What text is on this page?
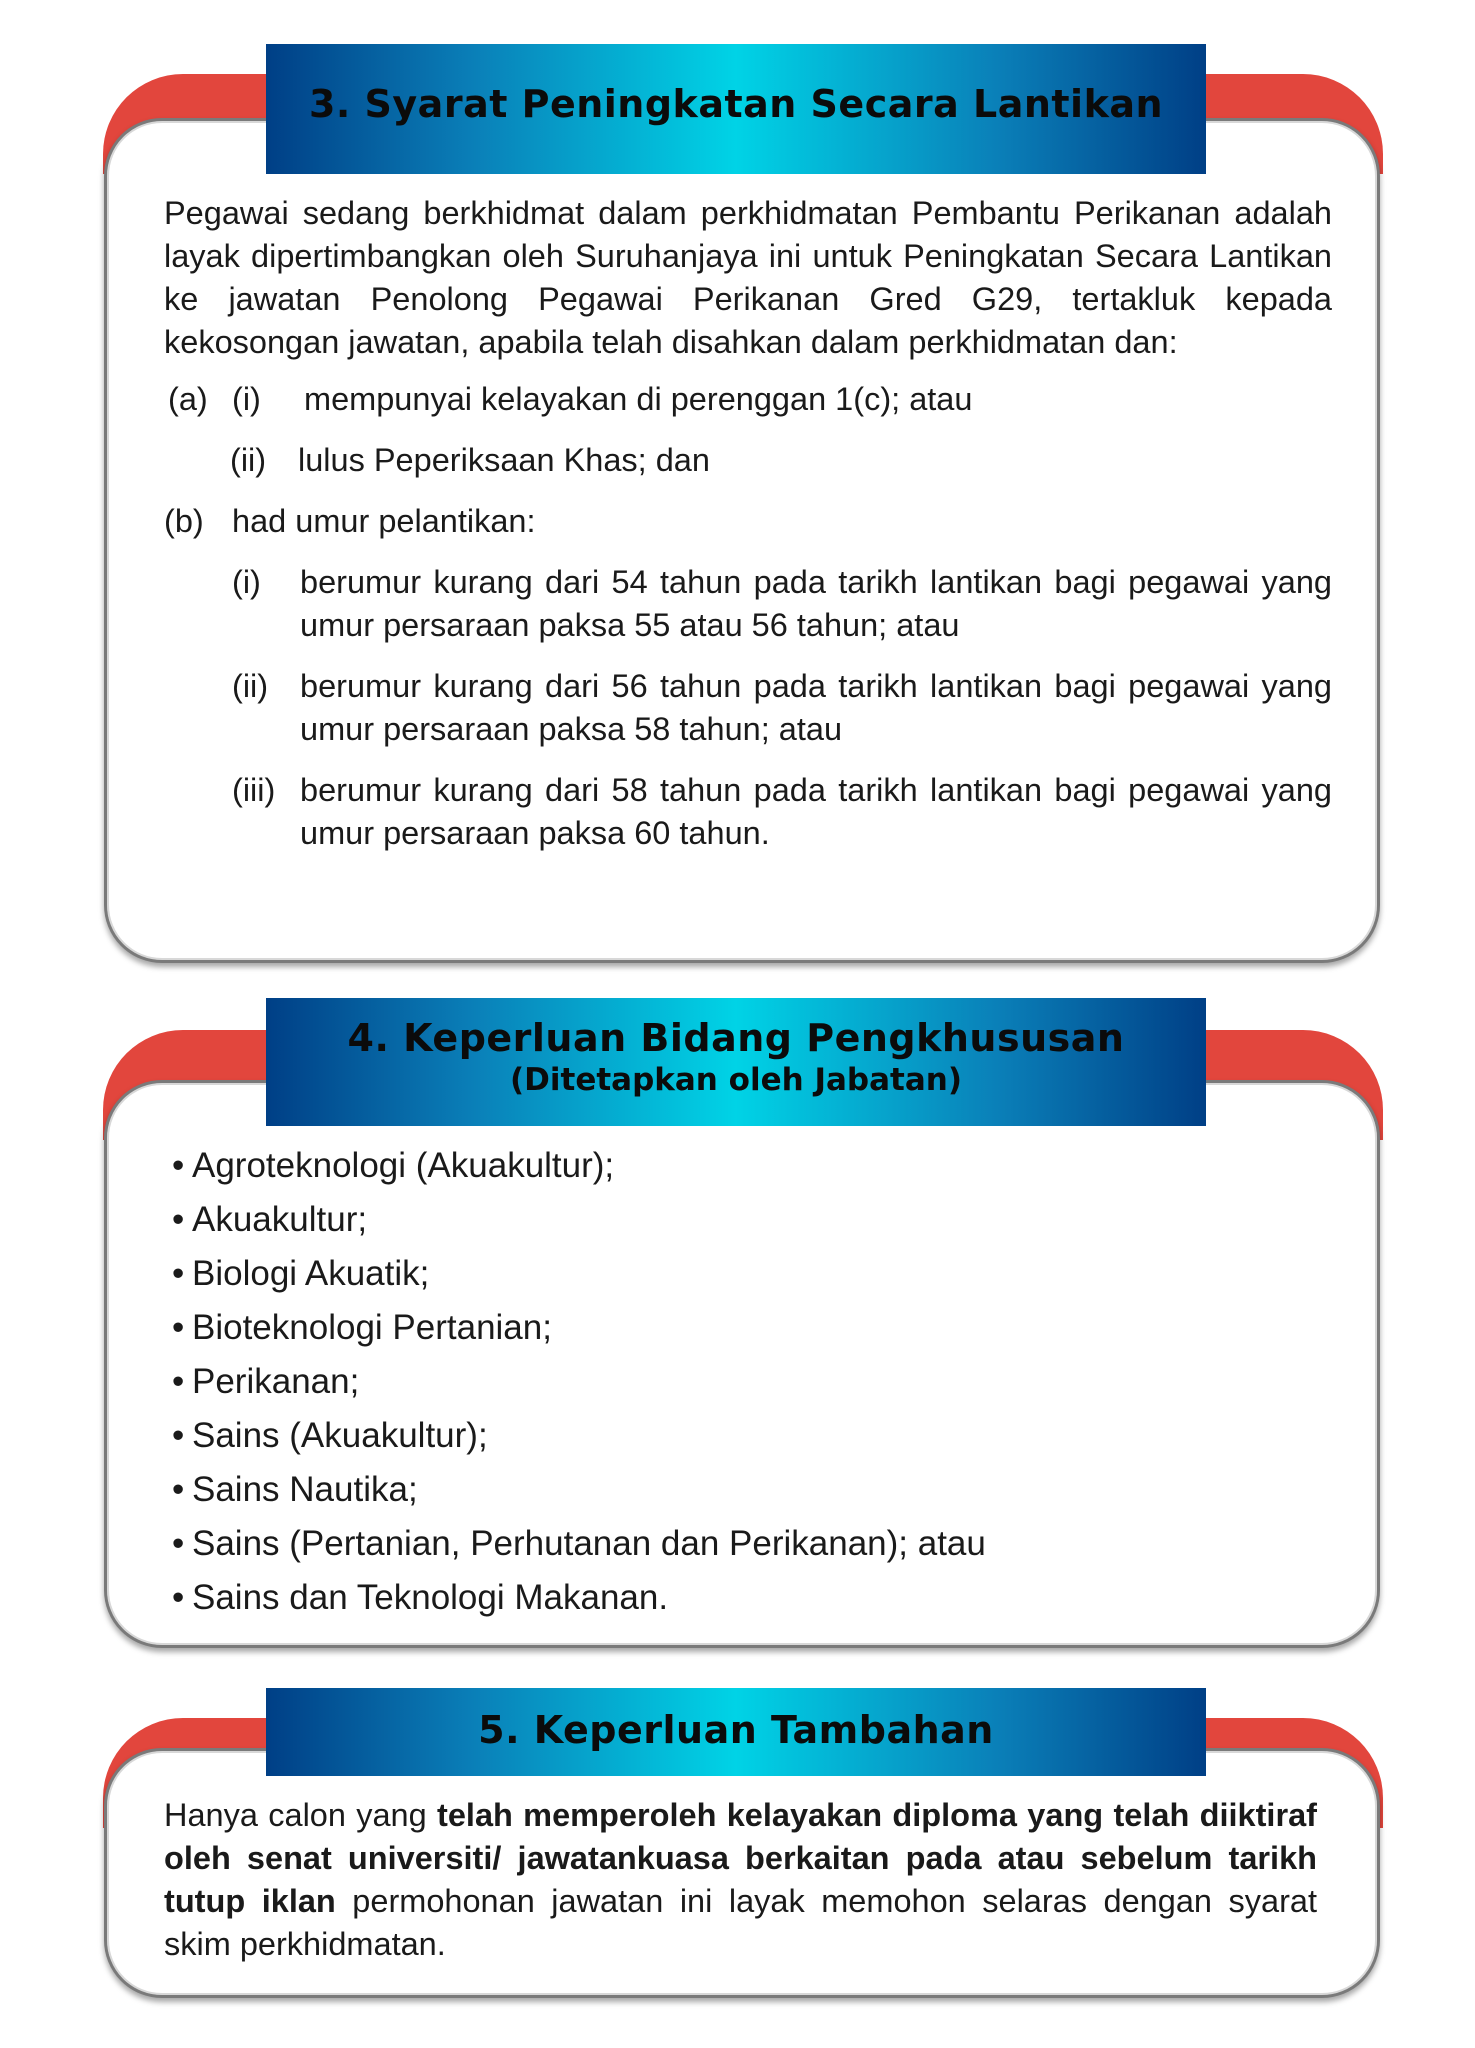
3. Syarat Peningkatan Secara Lantikan
Pegawai sedang berkhidmat dalam perkhidmatan Pembantu Perikanan adalah layak dipertimbangkan oleh Suruhanjaya ini untuk Peningkatan Secara Lantikan ke jawatan Penolong Pegawai Perikanan Gred G29, tertakluk kepada kekosongan jawatan, apabila telah disahkan dalam perkhidmatan dan:
(a) (i) mempunyai kelayakan di perenggan 1(c); atau
(ii) lulus Peperiksaan Khas; dan
(b) had umur pelantikan:
(i) berumur kurang dari 54 tahun pada tarikh lantikan bagi pegawai yang umur persaraan paksa 55 atau 56 tahun; atau
(ii) berumur kurang dari 56 tahun pada tarikh lantikan bagi pegawai yang umur persaraan paksa 58 tahun; atau
(iii) berumur kurang dari 58 tahun pada tarikh lantikan bagi pegawai yang umur persaraan paksa 60 tahun.
4. Keperluan Bidang Pengkhususan
(Ditetapkan oleh Jabatan)
• Agroteknologi (Akuakultur);
• Akuakultur;
• Biologi Akuatik;
• Bioteknologi Pertanian;
• Perikanan;
• Sains (Akuakultur);
• Sains Nautika;
• Sains (Pertanian, Perhutanan dan Perikanan); atau
• Sains dan Teknologi Makanan.
5. Keperluan Tambahan
Hanya calon yang telah memperoleh kelayakan diploma yang telah diiktiraf oleh senat universiti/ jawatankuasa berkaitan pada atau sebelum tarikh tutup iklan permohonan jawatan ini layak memohon selaras dengan syarat skim perkhidmatan.
